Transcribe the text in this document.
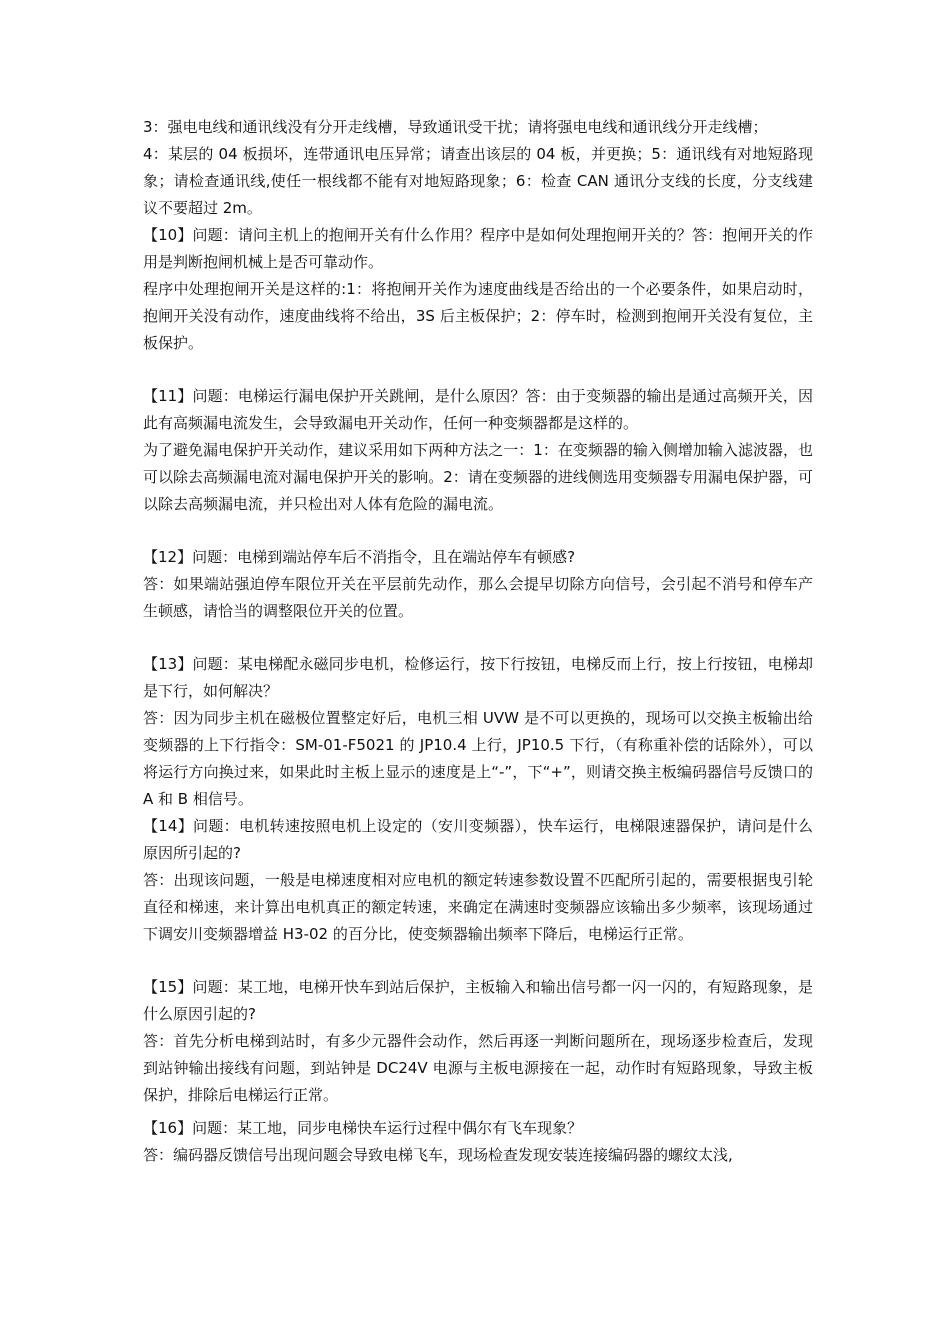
3：强电电线和通讯线没有分开走线槽，导致通讯受干扰；请将强电电线和通讯线分开走线槽；

4：某层的 04 板损坏，连带通讯电压异常；请查出该层的 04 板，并更换；5：通讯线有对地短路现象；请检查通讯线,使任一根线都不能有对地短路现象；6：检查 CAN 通讯分支线的长度，分支线建议不要超过 2m。

【10】问题：请问主机上的抱闸开关有什么作用？程序中是如何处理抱闸开关的？答：抱闸开关的作用是判断抱闸机械上是否可靠动作。

程序中处理抱闸开关是这样的:1：将抱闸开关作为速度曲线是否给出的一个必要条件，如果启动时，抱闸开关没有动作，速度曲线将不给出，3S 后主板保护；2：停车时，检测到抱闸开关没有复位，主板保护。

【11】问题：电梯运行漏电保护开关跳闸，是什么原因？答：由于变频器的输出是通过高频开关，因此有高频漏电流发生，会导致漏电开关动作，任何一种变频器都是这样的。

为了避免漏电保护开关动作，建议采用如下两种方法之一：1：在变频器的输入侧增加输入滤波器，也可以除去高频漏电流对漏电保护开关的影响。2：请在变频器的进线侧选用变频器专用漏电保护器，可以除去高频漏电流，并只检出对人体有危险的漏电流。

【12】问题：电梯到端站停车后不消指令，且在端站停车有顿感?

答：如果端站强迫停车限位开关在平层前先动作，那么会提早切除方向信号，会引起不消号和停车产生顿感，请恰当的调整限位开关的位置。

【13】问题：某电梯配永磁同步电机，检修运行，按下行按钮，电梯反而上行，按上行按钮，电梯却是下行，如何解决？

答：因为同步主机在磁极位置整定好后，电机三相 UVW 是不可以更换的，现场可以交换主板输出给变频器的上下行指令：SM-01-F5021 的 JP10.4 上行，JP10.5 下行，（有称重补偿的话除外），可以将运行方向换过来，如果此时主板上显示的速度是上“-”，下“+”，则请交换主板编码器信号反馈口的 A 和 B 相信号。

【14】问题：电机转速按照电机上设定的（安川变频器），快车运行，电梯限速器保护，请问是什么原因所引起的?

答：出现该问题，一般是电梯速度相对应电机的额定转速参数设置不匹配所引起的，需要根据曳引轮直径和梯速，来计算出电机真正的额定转速，来确定在满速时变频器应该输出多少频率，该现场通过下调安川变频器增益 H3-02 的百分比，使变频器输出频率下降后，电梯运行正常。

【15】问题：某工地，电梯开快车到站后保护，主板输入和输出信号都一闪一闪的，有短路现象，是什么原因引起的?

答：首先分析电梯到站时，有多少元器件会动作，然后再逐一判断问题所在，现场逐步检查后，发现到站钟输出接线有问题，到站钟是 DC24V 电源与主板电源接在一起，动作时有短路现象，导致主板保护，排除后电梯运行正常。

【16】问题：某工地，同步电梯快车运行过程中偶尔有飞车现象？

答：编码器反馈信号出现问题会导致电梯飞车，现场检查发现安装连接编码器的螺纹太浅,
